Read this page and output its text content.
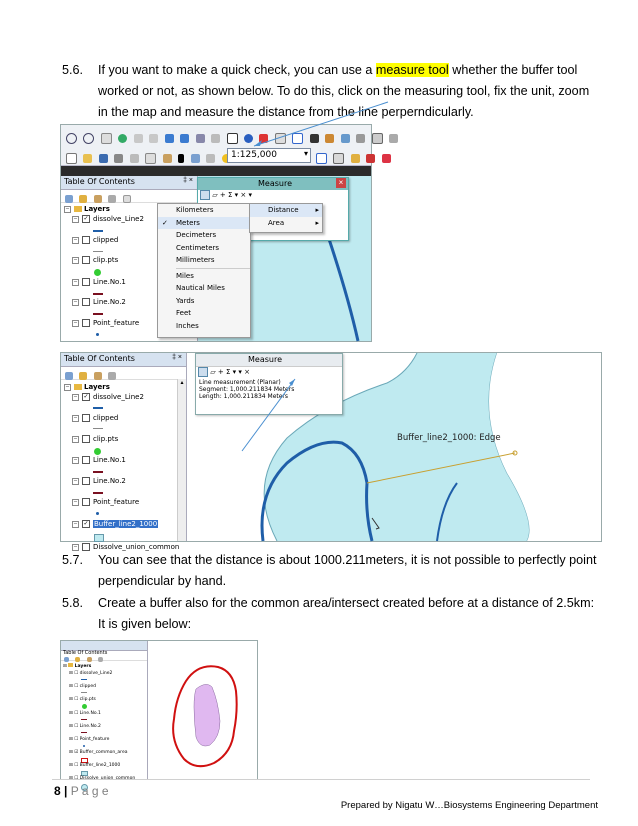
5.6.	If you want to make a quick check, you can use a measure tool whether the buffer tool
worked or not, as shown below. To do this, click on the measuring tool, fix the unit, zoom
in the map and measure the distance from the line perperndicularly.

1:125,000	▾

Table Of Contents	‡ ×

− Layers
− ✓ dissolve_Line2
− clipped
− clip.pts
− Line.No.1
− Line.No.2
− Point_feature
Measure	×
▱ + Σ ▾ × ▾
Kilometers
✓ Meters
Decimeters
Centimeters
Millimeters
Miles
Nautical Miles
Yards
Feet
Inches
Distance ▸
Area	▸
Table Of Contents	‡ ×

▴
− Layers
− ✓ dissolve_Line2
− clipped
− clip.pts
− Line.No.1
− Line.No.2
− Point_feature
− ✓ Buffer_line2_1000
− Dissolve_union_common
Buffer_line2_1000: Edge
Measure
▱ + Σ ▾ ▾ ×
Line measurement (Planar)
Segment: 1,000.211834 Meters
Length: 1,000.211834 Meters
5.7.	You can see that the distance is about 1000.211meters, it is not possible to perfectly point
perpendicular by hand.
5.8.	Create a buffer also for the common area/intersect created before at a distance of 2.5km:
It is given below:
Table Of Contents

⊟  Layers
⊟ ☐ dissolve_Line2
⊟ ☐ clipped
⊟ ☐ clip.pts
⊟ ☐ Line.No.1
⊟ ☐ Line.No.2
⊟ ☐ Point_feature
⊟ ☑ Buffer_common_area
⊟ ☐ Buffer_line2_1000
⊟ ☐ Dissolve_union_common
8 | P a g e
Prepared by Nigatu W…Biosystems Engineering Department
